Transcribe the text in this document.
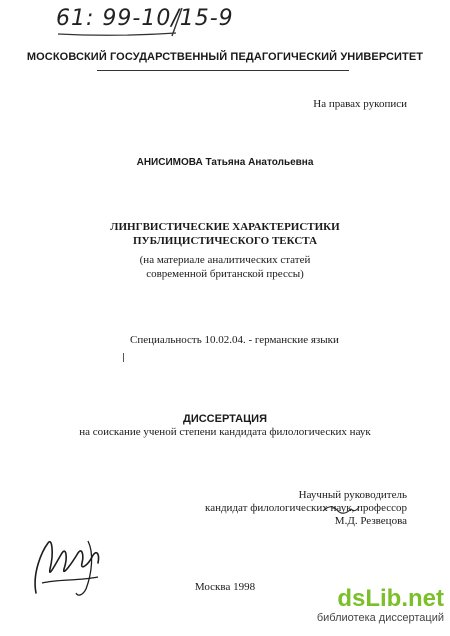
61: 99-10/15-9
МОСКОВСКИЙ ГОСУДАРСТВЕННЫЙ ПЕДАГОГИЧЕСКИЙ УНИВЕРСИТЕТ
На правах рукописи
АНИСИМОВА Татьяна Анатольевна
ЛИНГВИСТИЧЕСКИЕ ХАРАКТЕРИСТИКИ
ПУБЛИЦИСТИЧЕСКОГО ТЕКСТА
(на материале аналитических статей
современной британской прессы)
Специальность 10.02.04. - германские языки
ДИССЕРТАЦИЯ
на соискание ученой степени кандидата филологических наук
Научный руководитель
кандидат филологических наук, профессор
М.Д. Резвецова
Москва 1998	dsLib.net
библиотека диссертаций
